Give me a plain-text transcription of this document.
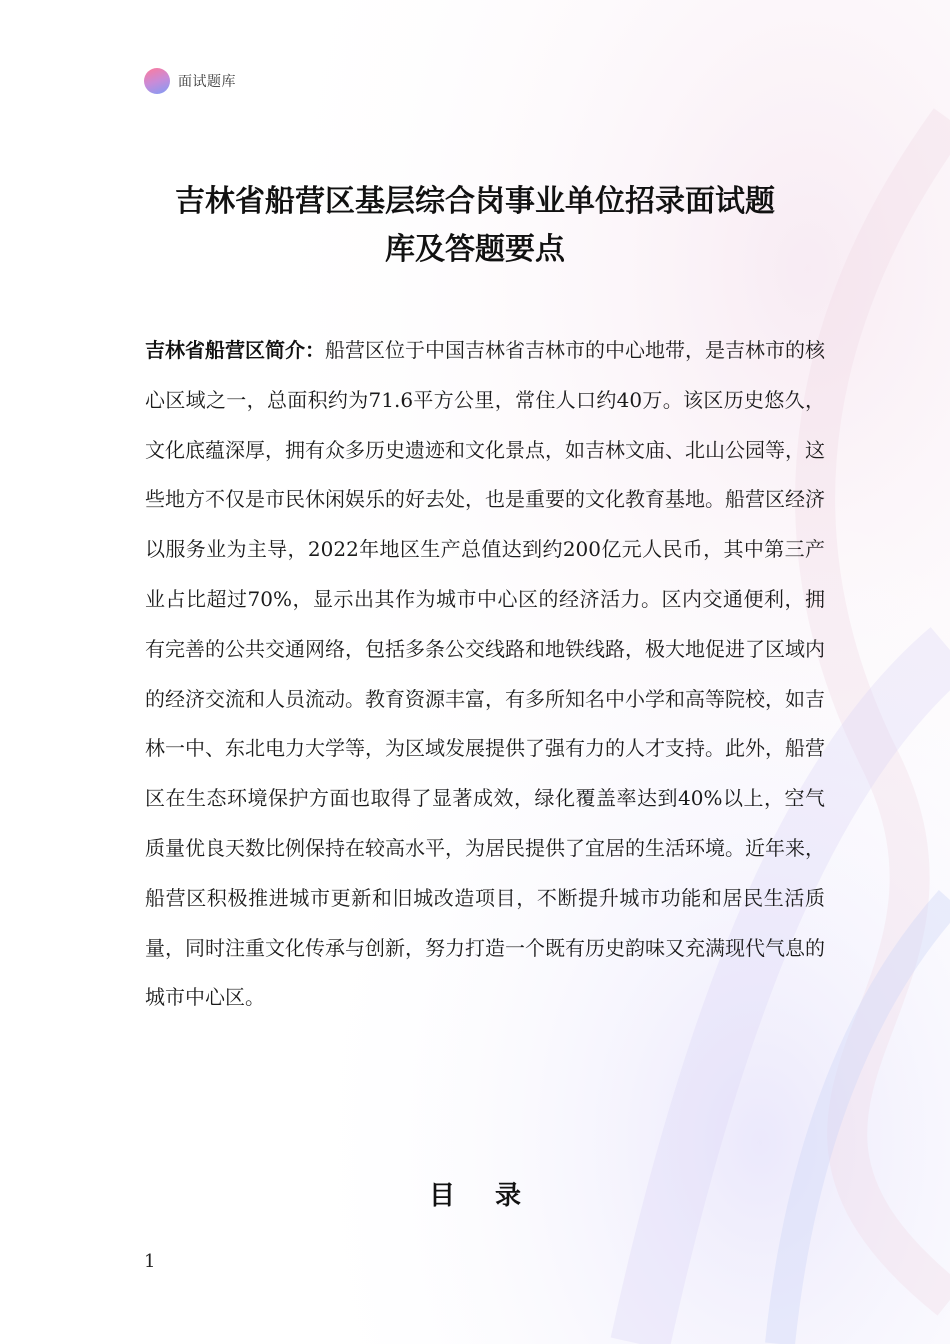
面试题库
吉林省船营区基层综合岗事业单位招录面试题
库及答题要点

吉林省船营区简介：船营区位于中国吉林省吉林市的中心地带，是吉林市的核心区域之一，总面积约为71.6平方公里，常住人口约40万。该区历史悠久，文化底蕴深厚，拥有众多历史遗迹和文化景点，如吉林文庙、北山公园等，这些地方不仅是市民休闲娱乐的好去处，也是重要的文化教育基地。船营区经济以服务业为主导，2022年地区生产总值达到约200亿元人民币，其中第三产业占比超过70%，显示出其作为城市中心区的经济活力。区内交通便利，拥有完善的公共交通网络，包括多条公交线路和地铁线路，极大地促进了区域内的经济交流和人员流动。教育资源丰富，有多所知名中小学和高等院校，如吉林一中、东北电力大学等，为区域发展提供了强有力的人才支持。此外，船营区在生态环境保护方面也取得了显著成效，绿化覆盖率达到40%以上，空气质量优良天数比例保持在较高水平，为居民提供了宜居的生活环境。近年来，船营区积极推进城市更新和旧城改造项目，不断提升城市功能和居民生活质量，同时注重文化传承与创新，努力打造一个既有历史韵味又充满现代气息的城市中心区。

目录
1
